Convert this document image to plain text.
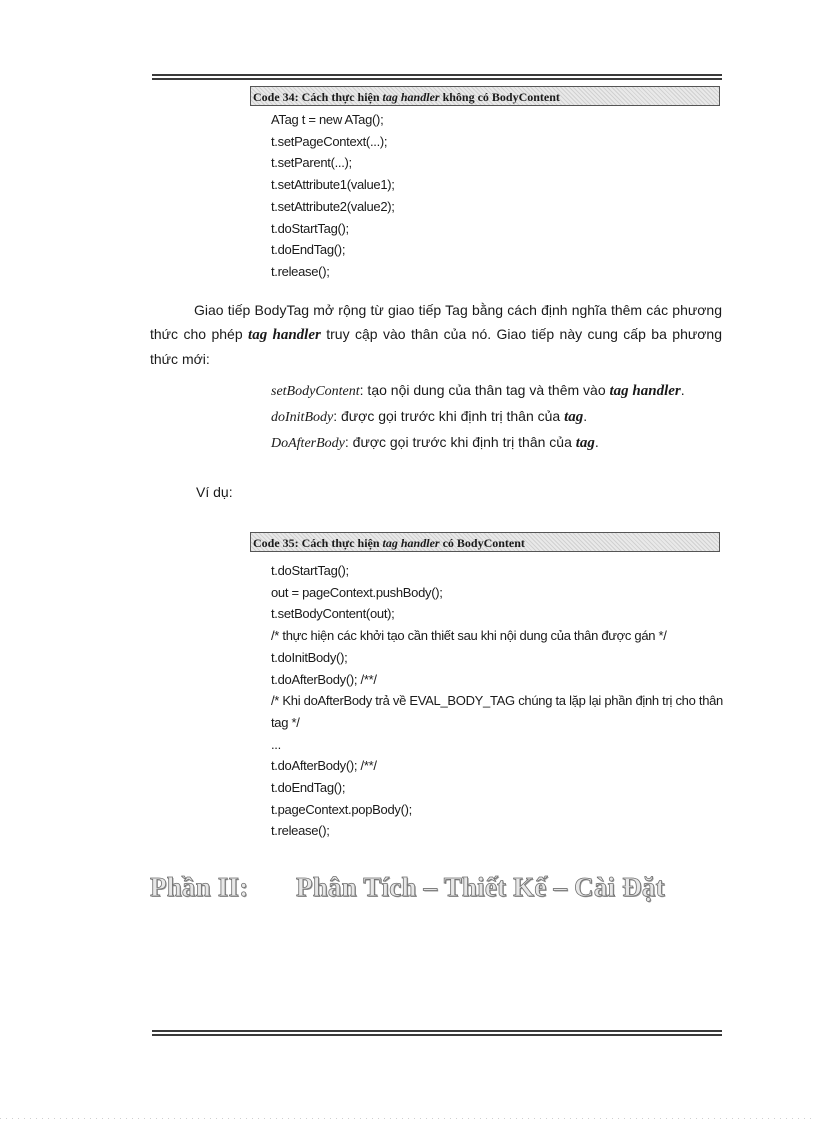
Code 34: Cách thực hiện tag handler không có BodyContent
ATag t = new ATag();
t.setPageContext(...);
t.setParent(...);
t.setAttribute1(value1);
t.setAttribute2(value2);
t.doStartTag();
t.doEndTag();
t.release();
Giao tiếp BodyTag mở rộng từ giao tiếp Tag bằng cách định nghĩa thêm các phương thức cho phép tag handler truy cập vào thân của nó. Giao tiếp này cung cấp ba phương thức mới:
setBodyContent: tạo nội dung của thân tag và thêm vào tag handler.
doInitBody: được gọi trước khi định trị thân của tag.
DoAfterBody: được gọi trước khi định trị thân của tag.
Ví dụ:
Code 35: Cách thực hiện tag handler có BodyContent
t.doStartTag();
out = pageContext.pushBody();
t.setBodyContent(out);
/* thực hiện các khởi tạo cần thiết sau khi nội dung của thân được gán */
t.doInitBody();
t.doAfterBody(); /**/
/* Khi doAfterBody trả về EVAL_BODY_TAG chúng ta lặp lại phần định trị cho thân tag */
...
t.doAfterBody(); /**/
t.doEndTag();
t.pageContext.popBody();
t.release();
Phần II: Phân Tích – Thiết Kế – Cài Đặt
